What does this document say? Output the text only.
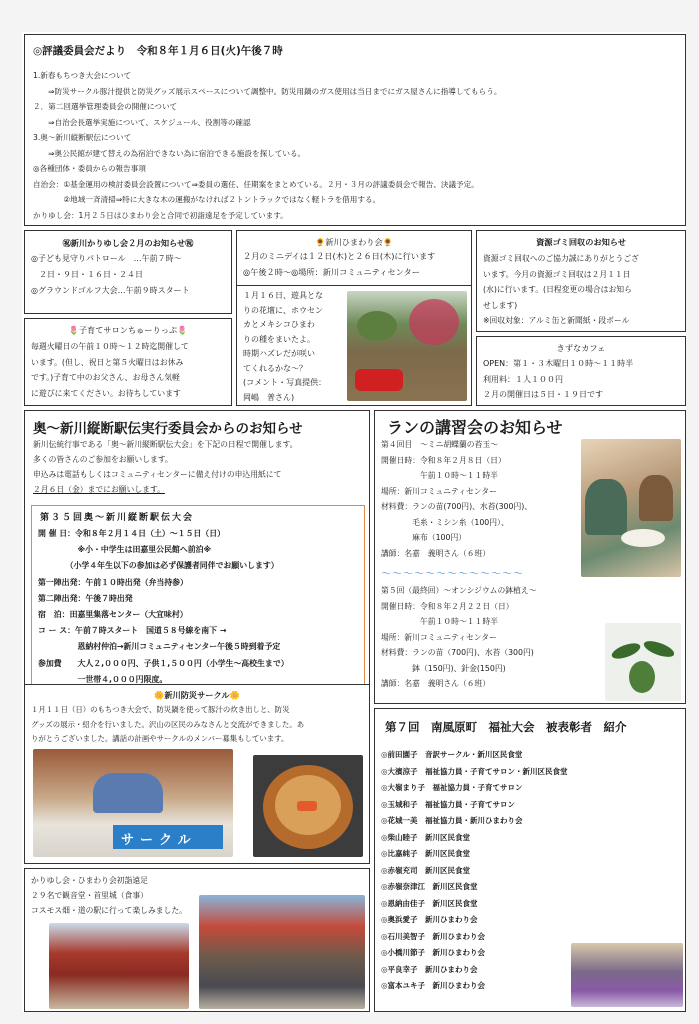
◎評議委員会だより　令和８年１月６日(火)午後７時
1.新春もちつき大会について
　　⇒防災サークル豚汁提供と防災グッズ展示スペースについて調整中。防災用鍋のガス使用は当日までにガス屋さんに指導してもらう。
２．第二回選挙管理委員会の開催について
　　⇒自治会長選挙実施について、スケジュール、役割等の確認
3.奥～新川縦断駅伝について
　　⇒奥公民館が建て替えの為宿泊できない為に宿泊できる施設を探している。
◎各種団体・委員からの報告事項
自治会：①基金運用の検討委員会設置について⇒委員の選任、任期案をまとめている。２月・３月の評議委員会で報告、決議予定。
　　　　②地域一斉清掃⇒特に大きな木の運搬がなければ２トントラックではなく軽トラを借用する。
かりゆし会：1月２５日はひまわり会と合同で初詣遠足を予定しています。
㊗新川かりゆし会２月のお知らせ㊗
◎子ども見守りパトロール　…午前７時～
　２日・９日・１６日・２４日
◎グラウンドゴルフ大会…午前９時スタート
🌻新川ひまわり会🌻
２月のミニデイは１２日(木)と２６日(木)に行います
◎午後２時～◎場所：新川コミュニティセンター
１月１６日、遊具とな
りの花壇に、ホウセン
カとメキシコひまわ
りの種をまいたよ。
時期ハズレだが咲い
てくれるかな～？
(コメント・写真提供：
岡嶋　普さん)
資源ゴミ回収のお知らせ
資源ゴミ回収へのご協力誠にありがとうござ
います。今月の資源ゴミ回収は２月１１日
(水)に行います。(日程変更の場合はお知ら
せします)
※回収対象：アルミ缶と新聞紙・段ボール
🌷子育てサロンちゅーりっぷ🌷
毎週火曜日の午前１０時～１２時迄開催して
います。(但し、祝日と第５火曜日はお休み
です。)子育て中のお父さん、お母さん気軽
に遊びに来てください。お待ちしています
きずなカフェ
OPEN：第１・３木曜日１０時～１１時半
利用料：１人１００円
２月の開催日は５日・１９日です
奥～新川縦断駅伝実行委員会からのお知らせ
新川伝統行事である「奥～新川縦断駅伝大会」を下記の日程で開催します。
多くの皆さんのご参加をお願いします。
申込みは電話もしくはコミュニティセンターに備え付けの申込用紙にて
２月６日（金）までにお願いします。
第３５回奥～新川縦断駅伝大会
開 催 日：令和８年２月１４日（土）～１５日（日）
　　　　　※小・中学生は田嘉里公民館へ前泊※
　　　　（小学４年生以下の参加は必ず保護者同伴でお願いします）
第一陣出発：午前１０時出発（弁当持参）
第二陣出発：午後７時出発
宿　泊：田嘉里集落センター（大宜味村）
コ ー ス：午前７時スタート　国道５８号線を南下 →
　　　　　恩納村仲泊→新川コミュニティセンター午後５時到着予定
参加費　　大人２,０００円、子供１,５００円（小学生～高校生まで）
　　　　　一世帯４,０００円限度。
ランの講習会のお知らせ
第４回目　～ミニ胡蝶蘭の苔玉～
開催日時：令和８年２月８日（日）
　　　　　午前１０時～１１時半
場所：新川コミュニティセンター
材料費：ランの苗(700円)、水苔(300円)、
　　　　毛糸・ミシン糸（100円）、
　　　　麻布（100円）
講師：名嘉　義明さん（６班）
～～～～～～～～～～～～～
第５回（最終回）～オンシジウムの鉢植え～
開催日時：令和８年２月２２日（日）
　　　　　午前１０時～１１時半
場所：新川コミュニティセンター
材料費：ランの苗（700円)、水苔（300円)
　　　　鉢（150円)、針金(150円)
講師：名嘉　義明さん（６班）
🌼新川防災サークル🌼
１月１１日（日）のもちつき大会で、防災鍋を使って豚汁の炊き出しと、防災
グッズの展示・紹介を行いました。沢山の区民のみなさんと交流ができました。あ
りがとうございました。講話の計画やサークルのメンバー募集もしています。
サークル
かりゆし会・ひまわり会初詣遠足
２９名で観音堂・首里城（食事）
コスモス畑・道の駅に行って楽しみました。
第７回　南風原町　福祉大会　被表彰者　紹介
◎前田園子　音訳サークル・新川区民食堂
◎大濱涼子　福祉協力員・子育てサロン・新川区民食堂
◎大嶺まり子　福祉協力員・子育てサロン
◎玉城和子　福祉協力員・子育てサロン
◎花城一美　福祉協力員・新川ひまわり会
◎柴山睦子　新川区民食堂
◎比嘉純子　新川区民食堂
◎赤嶺充司　新川区民食堂
◎赤嶺奈津江　新川区民食堂
◎恩納由佳子　新川区民食堂
◎奥浜愛子　新川ひまわり会
◎石川美智子　新川ひまわり会
◎小橋川節子　新川ひまわり会
◎平良幸子　新川ひまわり会
◎富本ユキ子　新川ひまわり会
